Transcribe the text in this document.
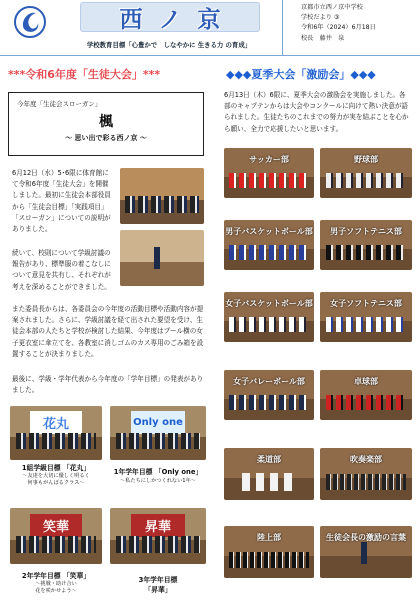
西ノ京
学校教育目標「心豊かで　しなやかに 生きる力 の育成」
京都市立西ノ京中学校
学校だより ③
令和6年（2024）6月18日
校長　藤井　泉
***令和6年度「生徒大会」***
今年度「生徒会スローガン」
楓
～ 思い出で彩る西ノ京 ～
6月12日（水）5･6限に体育館にて令和6年度「生徒大会」を開催しました。最初に生徒会本部役員から「生徒会目標」「実践項目」「スローガン」についての説明がありました。
続いて、校則について学級討議の報告があり、標準服の着こなしについて意見を共有し、それぞれが考えを深めることができました。
また委員長からは、各委員会の今年度の活動目標や活動内容が提案されました。さらに、学級討議を経て出された要望を受け、生徒会本部の人たちと学校が検討した結果、今年度はプール横の女子更衣室に傘立てを、各教室に消しゴムのカス専用のごみ箱を設置することが決まりました。
最後に、学級・学年代表から今年度の「学年目標」の発表がありました。
花丸
1組学級目標 「花丸」
～友達を大切に優しく明るく
何事もがんばるクラス～
Only one
1年学年目標 「Only one」
～私たちにしかつくれない1年～
笑華
2年学年目標 「笑華」
～挑戦・助け合い
花を咲かせよう～
昇華
3年学年目標
「昇華」
◆◆◆夏季大会「激励会」◆◆◆
6月13日（木）6限に、夏季大会の激励会を実施しました。各部のキャプテンからは大会やコンクールに向けて熱い決意が語られました。生徒たちのこれまでの努力が実を結ぶことを心から願い、全力で応援したいと思います。
サッカー部	野球部
男子バスケットボール部	男子ソフトテニス部
女子バスケットボール部	女子ソフトテニス部
女子バレーボール部	卓球部
柔道部	吹奏楽部
陸上部	生徒会長の激励の言葉
